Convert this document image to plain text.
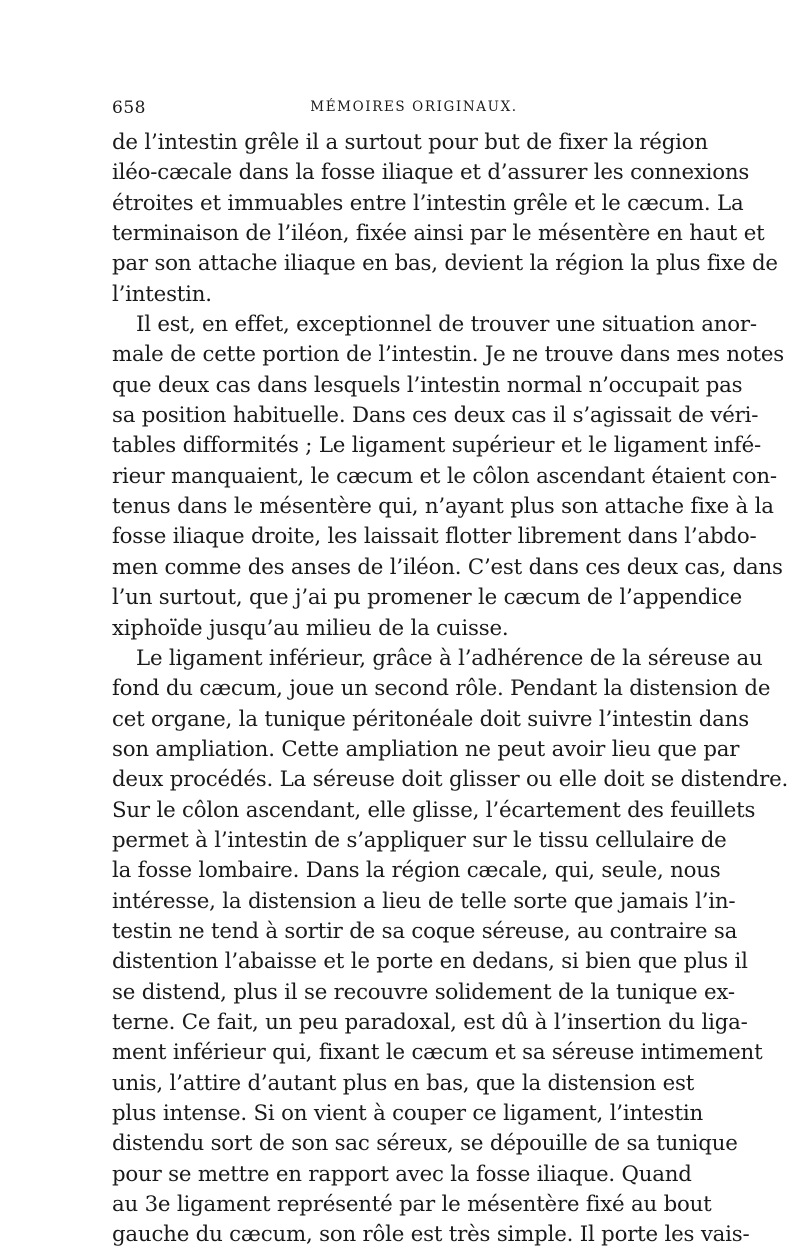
658	MÉMOIRES ORIGINAUX.
de l’intestin grêle il a surtout pour but de fixer la région
iléo-cæcale dans la fosse iliaque et d’assurer les connexions
étroites et immuables entre l’intestin grêle et le cæcum. La
terminaison de l’iléon, fixée ainsi par le mésentère en haut et
par son attache iliaque en bas, devient la région la plus fixe de
l’intestin.
Il est, en effet, exceptionnel de trouver une situation anor-
male de cette portion de l’intestin. Je ne trouve dans mes notes
que deux cas dans lesquels l’intestin normal n’occupait pas
sa position habituelle. Dans ces deux cas il s’agissait de véri-
tables difformités ; Le ligament supérieur et le ligament infé-
rieur manquaient, le cæcum et le côlon ascendant étaient con-
tenus dans le mésentère qui, n’ayant plus son attache fixe à la
fosse iliaque droite, les laissait flotter librement dans l’abdo-
men comme des anses de l’iléon. C’est dans ces deux cas, dans
l’un surtout, que j’ai pu promener le cæcum de l’appendice
xiphoïde jusqu’au milieu de la cuisse.
Le ligament inférieur, grâce à l’adhérence de la séreuse au
fond du cæcum, joue un second rôle. Pendant la distension de
cet organe, la tunique péritonéale doit suivre l’intestin dans
son ampliation. Cette ampliation ne peut avoir lieu que par
deux procédés. La séreuse doit glisser ou elle doit se distendre.
Sur le côlon ascendant, elle glisse, l’écartement des feuillets
permet à l’intestin de s’appliquer sur le tissu cellulaire de
la fosse lombaire. Dans la région cæcale, qui, seule, nous
intéresse, la distension a lieu de telle sorte que jamais l’in-
testin ne tend à sortir de sa coque séreuse, au contraire sa
distention l’abaisse et le porte en dedans, si bien que plus il
se distend, plus il se recouvre solidement de la tunique ex-
terne. Ce fait, un peu paradoxal, est dû à l’insertion du liga-
ment inférieur qui, fixant le cæcum et sa séreuse intimement
unis, l’attire d’autant plus en bas, que la distension est
plus intense. Si on vient à couper ce ligament, l’intestin
distendu sort de son sac séreux, se dépouille de sa tunique
pour se mettre en rapport avec la fosse iliaque. Quand
au 3e ligament représenté par le mésentère fixé au bout
gauche du cæcum, son rôle est très simple. Il porte les vais-
